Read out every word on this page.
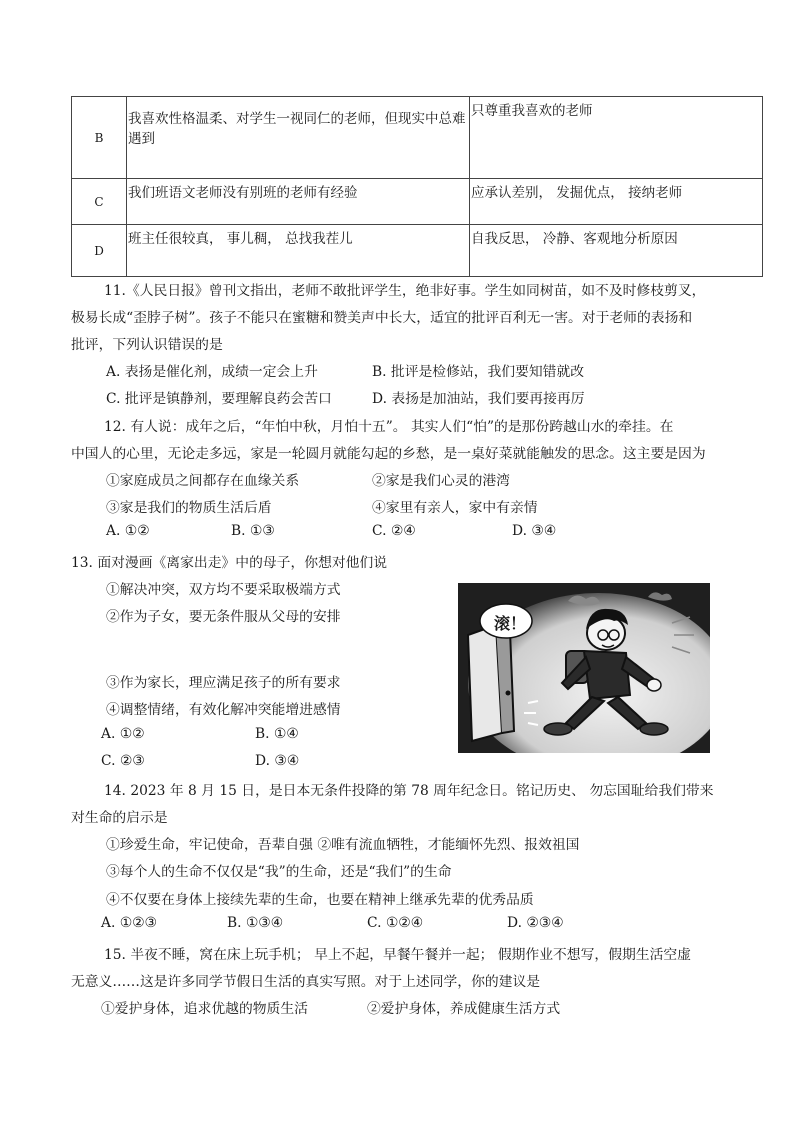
B	我喜欢性格温柔、对学生一视同仁的老师，但现实中总难遇到	只尊重我喜欢的老师
C	我们班语文老师没有别班的老师有经验	应承认差别， 发掘优点， 接纳老师
D	班主任很较真， 事儿稠， 总找我茬儿	自我反思， 冷静、客观地分析原因
11.《人民日报》曾刊文指出，老师不敢批评学生，绝非好事。学生如同树苗，如不及时修枝剪叉，
极易长成“歪脖子树”。孩子不能只在蜜糖和赞美声中长大，适宜的批评百利无一害。对于老师的表扬和
批评，下列认识错误的是
A. 表扬是催化剂，成绩一定会上升	B. 批评是检修站，我们要知错就改
C. 批评是镇静剂，要理解良药会苦口	D. 表扬是加油站，我们要再接再厉
12. 有人说：成年之后，“年怕中秋，月怕十五”。 其实人们“怕”的是那份跨越山水的牵挂。在
中国人的心里，无论走多远，家是一轮圆月就能勾起的乡愁，是一桌好菜就能触发的思念。这主要是因为
①家庭成员之间都存在血缘关系	②家是我们心灵的港湾
③家是我们的物质生活后盾	④家里有亲人，家中有亲情
A. ①②	B. ①③	C. ②④	D. ③④
13. 面对漫画《离家出走》中的母子，你想对他们说
①解决冲突，双方均不要采取极端方式
②作为子女，要无条件服从父母的安排
③作为家长，理应满足孩子的所有要求
④调整情绪，有效化解冲突能增进感情
A. ①②	B. ①④
C. ②③	D. ③④
滚！
14. 2023 年 8 月 15 日，是日本无条件投降的第 78 周年纪念日。铭记历史、 勿忘国耻给我们带来
对生命的启示是
①珍爱生命，牢记使命，吾辈自强 ②唯有流血牺牲，才能缅怀先烈、报效祖国
③每个人的生命不仅仅是“我”的生命，还是“我们”的生命
④不仅要在身体上接续先辈的生命，也要在精神上继承先辈的优秀品质
A. ①②③	B. ①③④	C. ①②④	D. ②③④
15. 半夜不睡，窝在床上玩手机； 早上不起，早餐午餐并一起； 假期作业不想写，假期生活空虚
无意义……这是许多同学节假日生活的真实写照。对于上述同学，你的建议是
①爱护身体，追求优越的物质生活	②爱护身体，养成健康生活方式
